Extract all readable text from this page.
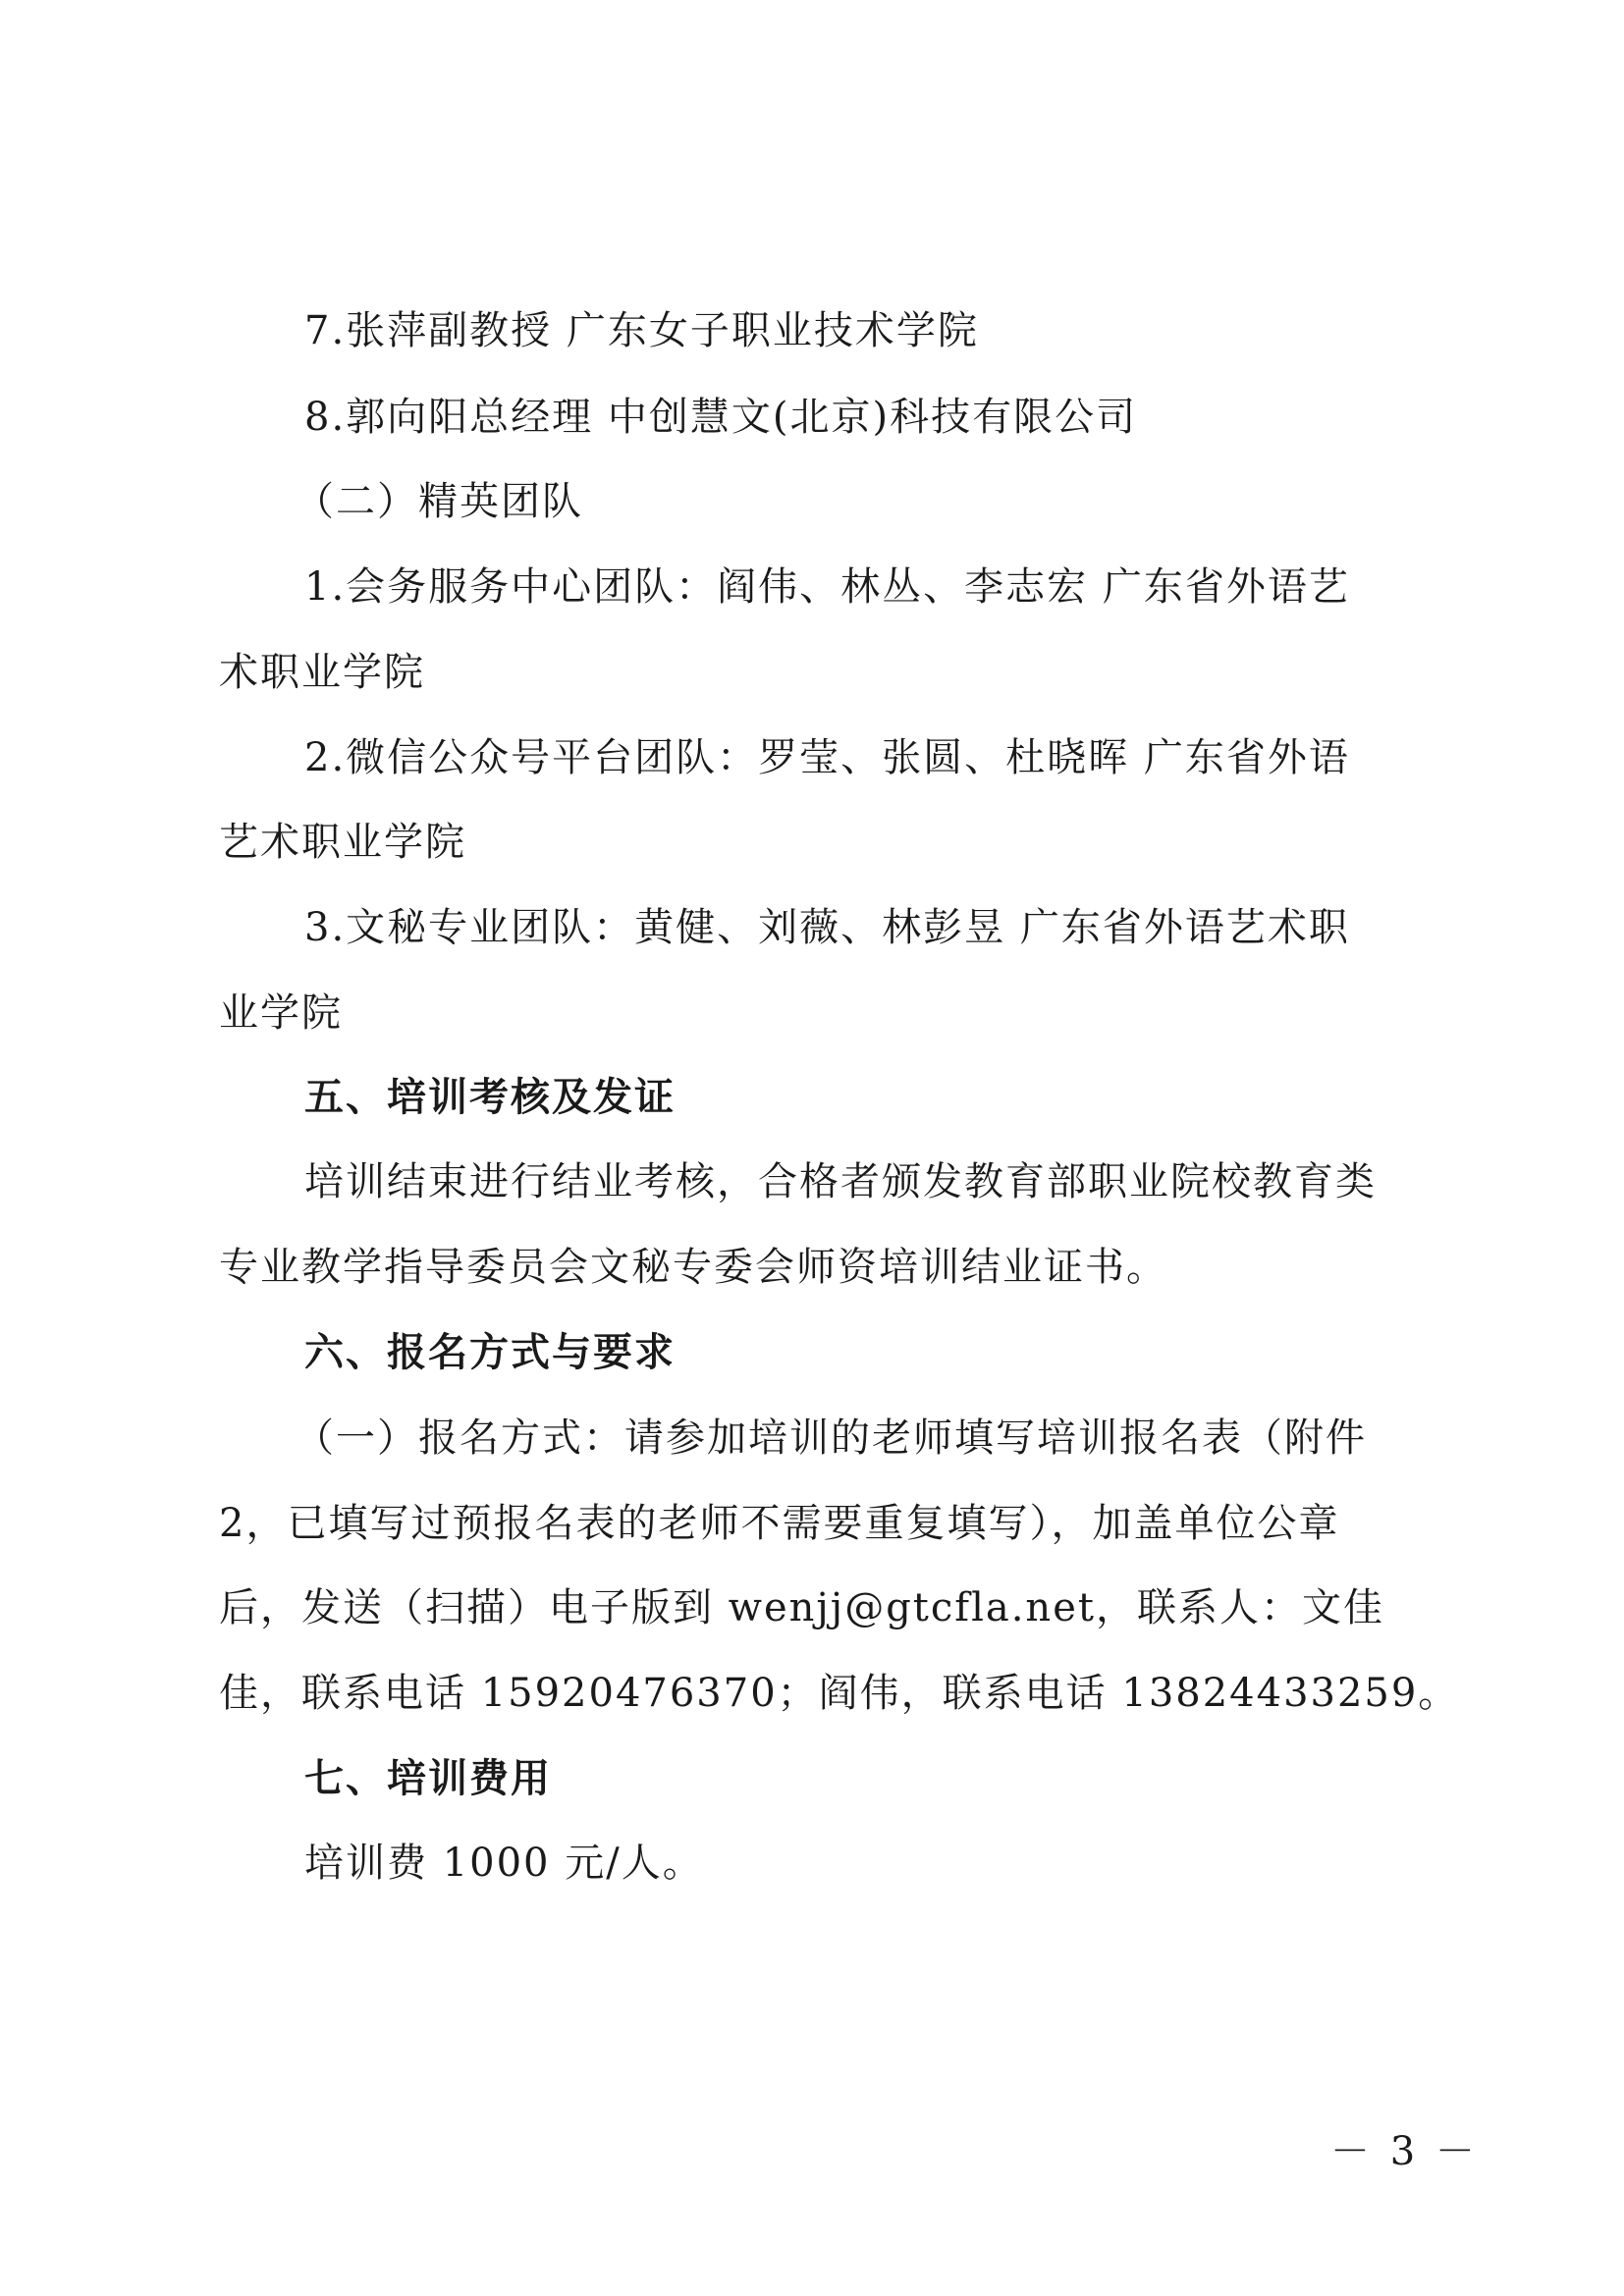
7.张萍副教授 广东女子职业技术学院
8.郭向阳总经理 中创慧文(北京)科技有限公司
（二）精英团队
1.会务服务中心团队：阎伟、林丛、李志宏 广东省外语艺
术职业学院
2.微信公众号平台团队：罗莹、张圆、杜晓晖 广东省外语
艺术职业学院
3.文秘专业团队：黄健、刘薇、林彭昱 广东省外语艺术职
业学院
五、培训考核及发证
培训结束进行结业考核，合格者颁发教育部职业院校教育类
专业教学指导委员会文秘专委会师资培训结业证书。
六、报名方式与要求
（一）报名方式：请参加培训的老师填写培训报名表（附件
2，已填写过预报名表的老师不需要重复填写），加盖单位公章
后，发送（扫描）电子版到 wenjj@gtcfla.net，联系人：文佳
佳，联系电话 15920476370；阎伟，联系电话 13824433259。
七、培训费用
培训费 1000 元/人。
－ 3 －
